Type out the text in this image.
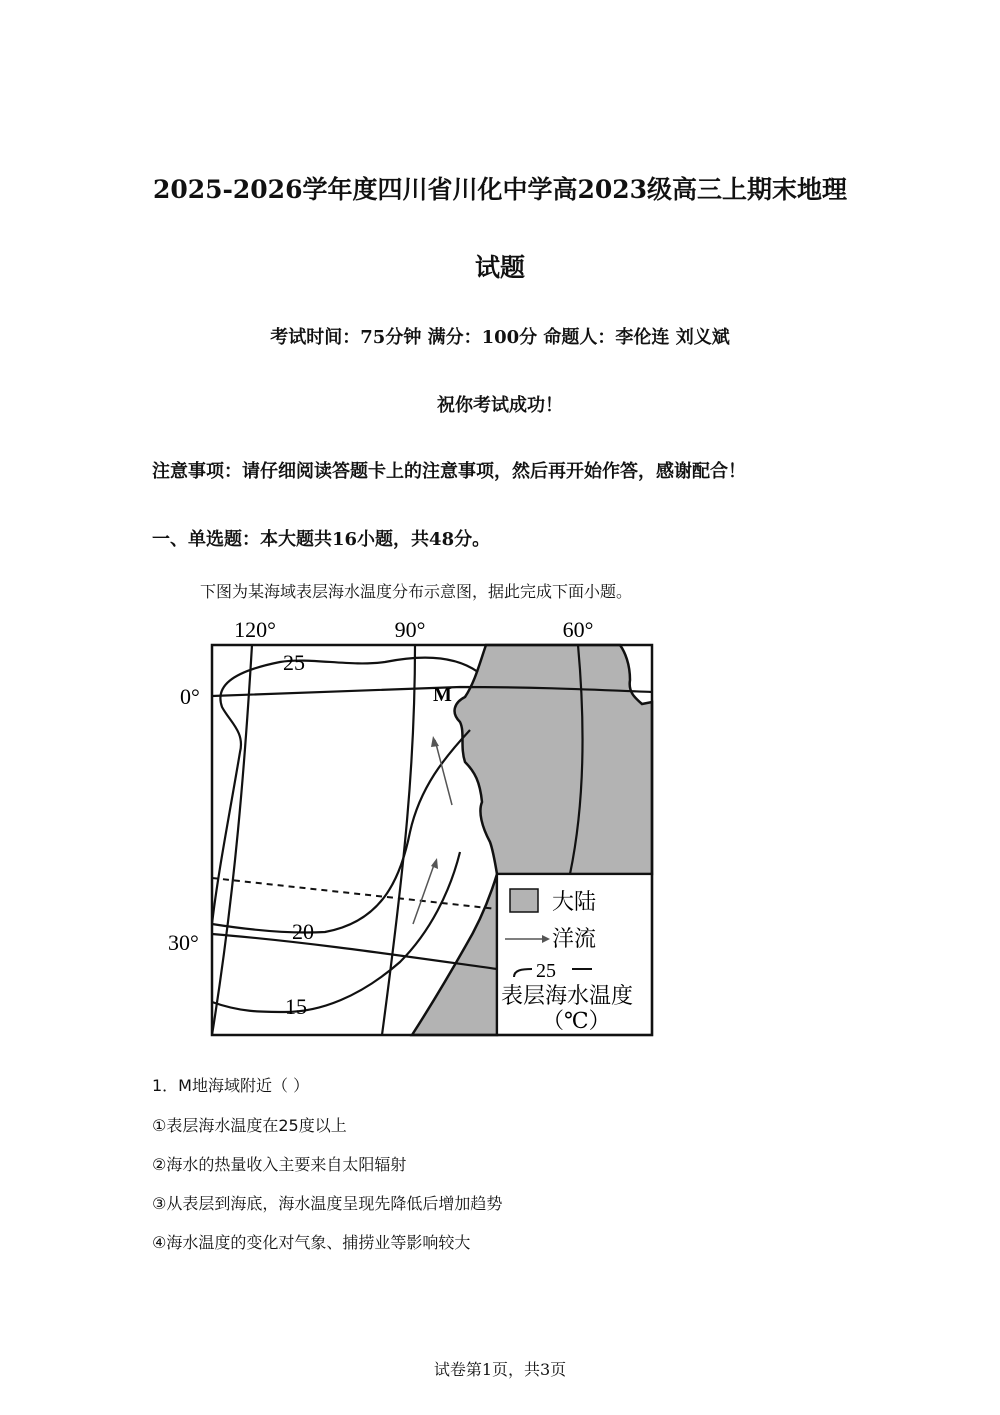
2025-2026学年度四川省川化中学高2023级高三上期末地理
试题
考试时间：75分钟 满分：100分 命题人：李伦连 刘义斌
祝你考试成功！
注意事项：请仔细阅读答题卡上的注意事项，然后再开始作答，感谢配合！
一、单选题：本大题共16小题，共48分。
下图为某海域表层海水温度分布示意图，据此完成下面小题。
120°	90°	60°
0°
30°
25
20
15
M
大陆
洋流
25
表层海水温度
（℃）
1．M地海域附近（ ）
①表层海水温度在25度以上
②海水的热量收入主要来自太阳辐射
③从表层到海底，海水温度呈现先降低后增加趋势
④海水温度的变化对气象、捕捞业等影响较大
试卷第1页，共3页
